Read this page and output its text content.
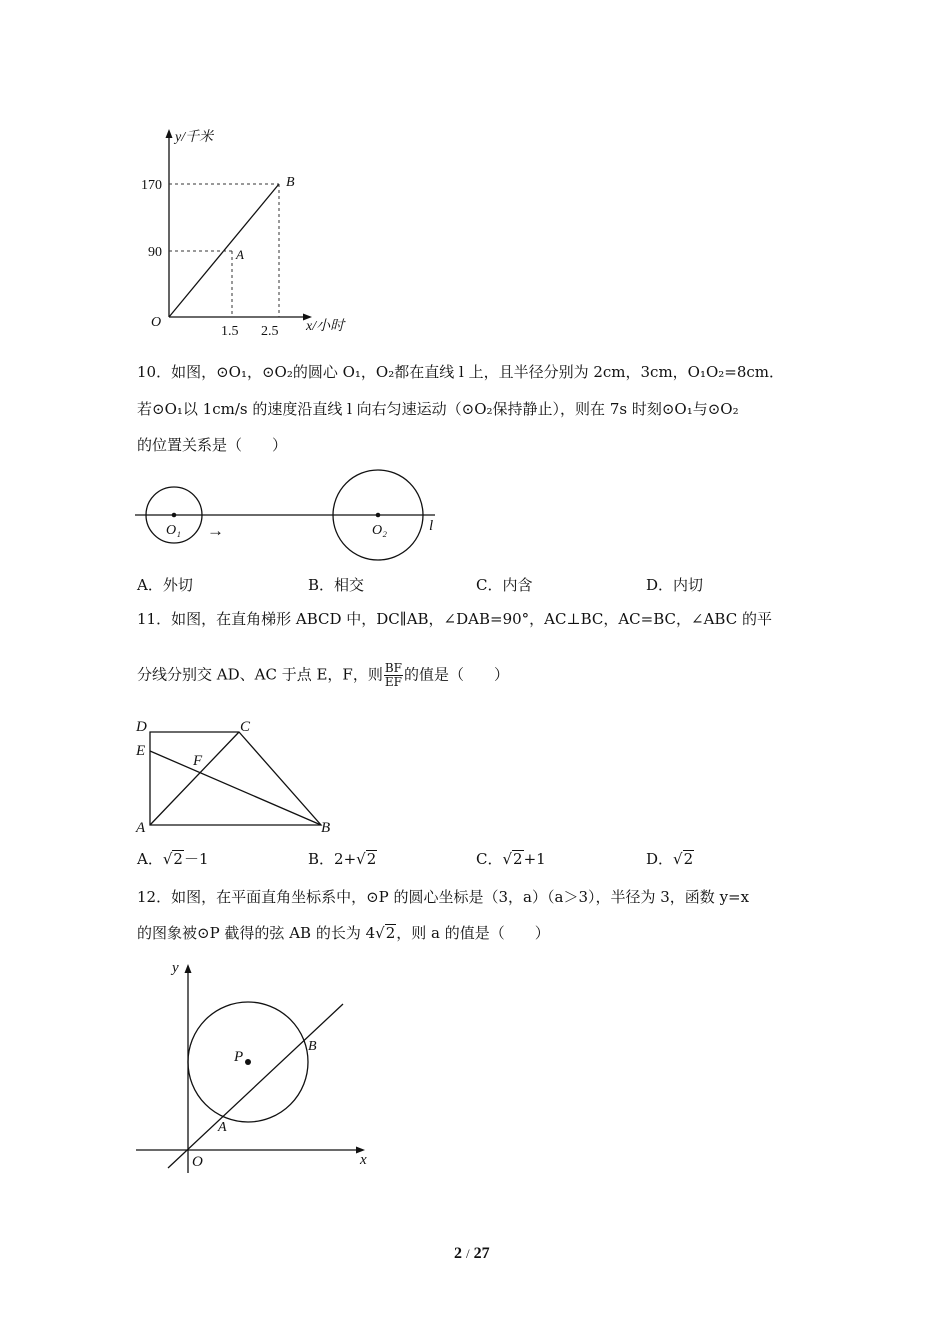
y/千米
170
90
O
1.5 2.5 x/小时
A
B
10．如图，⊙O₁，⊙O₂的圆心 O₁，O₂都在直线 l 上，且半径分别为 2cm，3cm，O₁O₂=8cm．
若⊙O₁以 1cm/s 的速度沿直线 l 向右匀速运动（⊙O₂保持静止），则在 7s 时刻⊙O₁与⊙O₂
的位置关系是（　　）
O₁	O₂
→	l
A．外切	B．相交	C．内含	D．内切
11．如图，在直角梯形 ABCD 中，DC∥AB，∠DAB=90°，AC⊥BC，AC=BC，∠ABC 的平
分线分别交 AD、AC 于点 E，F，则 $\frac{BF}{EF}$ 的值是（　　）
D	C
E
F
A	B
A．√2－1	B．2+√2	C．√2+1	D．√2
12．如图，在平面直角坐标系中，⊙P 的圆心坐标是（3，a）（a＞3），半径为 3，函数 y=x
的图象被⊙P 截得的弦 AB 的长为 4√2，则 a 的值是（　　）
y
x
O
P
A
B
2 / 27
